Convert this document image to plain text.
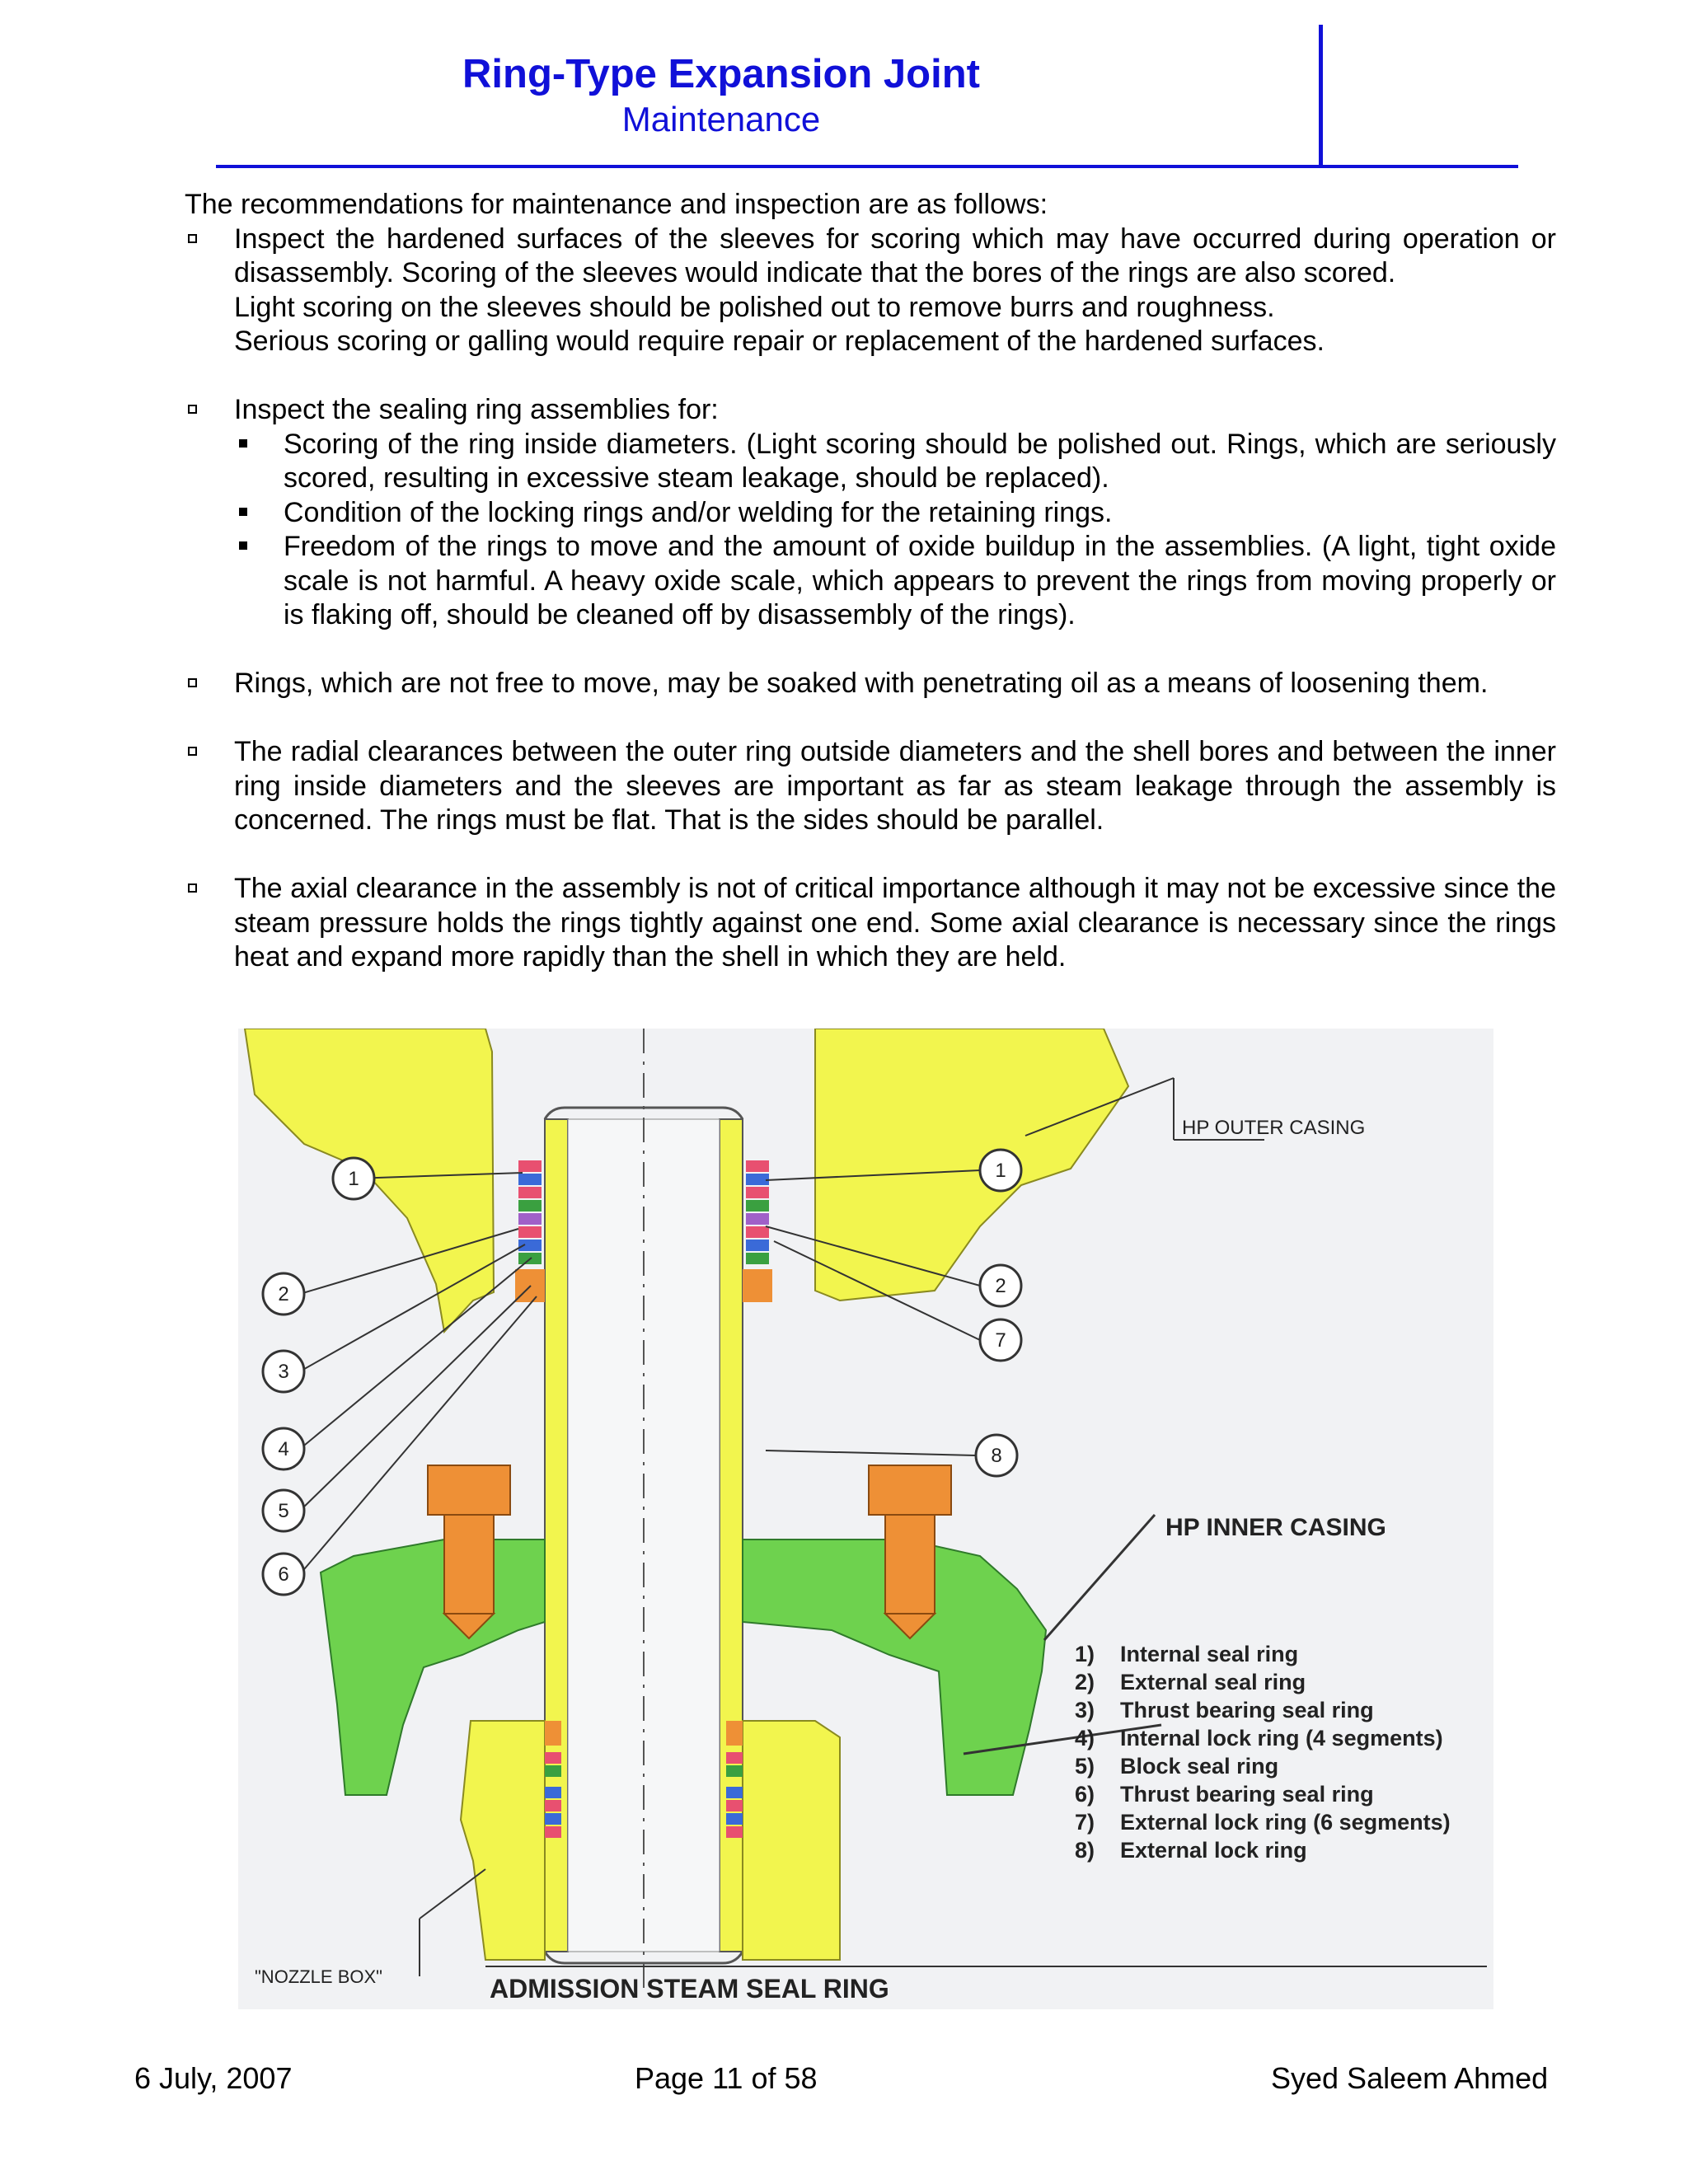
Ring-Type Expansion Joint
Maintenance

The recommendations for maintenance and inspection are as follows:

Inspect the hardened surfaces of the sleeves for scoring which may have occurred during operation or disassembly. Scoring of the sleeves would indicate that the bores of the rings are also scored.

Light scoring on the sleeves should be polished out to remove burrs and roughness.

Serious scoring or galling would require repair or replacement of the hardened surfaces.

Inspect the sealing ring assemblies for:

Scoring of the ring inside diameters. (Light scoring should be polished out. Rings, which are seriously scored, resulting in excessive steam leakage, should be replaced).
Condition of the locking rings and/or welding for the retaining rings.
Freedom of the rings to move and the amount of oxide buildup in the assemblies. (A light, tight oxide scale is not harmful. A heavy oxide scale, which appears to prevent the rings from moving properly or is flaking off, should be cleaned off by disassembly of the rings).

Rings, which are not free to move, may be soaked with penetrating oil as a means of loosening them.

The radial clearances between the outer ring outside diameters and the shell bores and between the inner ring inside diameters and the sleeves are important as far as steam leakage through the assembly is concerned. The rings must be flat. That is the sides should be parallel.

The axial clearance in the assembly is not of critical importance although it may not be excessive since the steam pressure holds the rings tightly against one end. Some axial clearance is necessary since the rings heat and expand more rapidly than the shell in which they are held.

1
2
3
4
5
6
1
2
7
8
HP OUTER CASING
HP INNER CASING
"NOZZLE BOX"	ADMISSION STEAM SEAL RING
1) Internal seal ring
2) External seal ring
3) Thrust bearing seal ring
4) Internal lock ring (4 segments)
5) Block seal ring
6) Thrust bearing seal ring
7) External lock ring (6 segments)
8) External lock ring
6 July, 2007	Page 11 of 58	Syed Saleem Ahmed
